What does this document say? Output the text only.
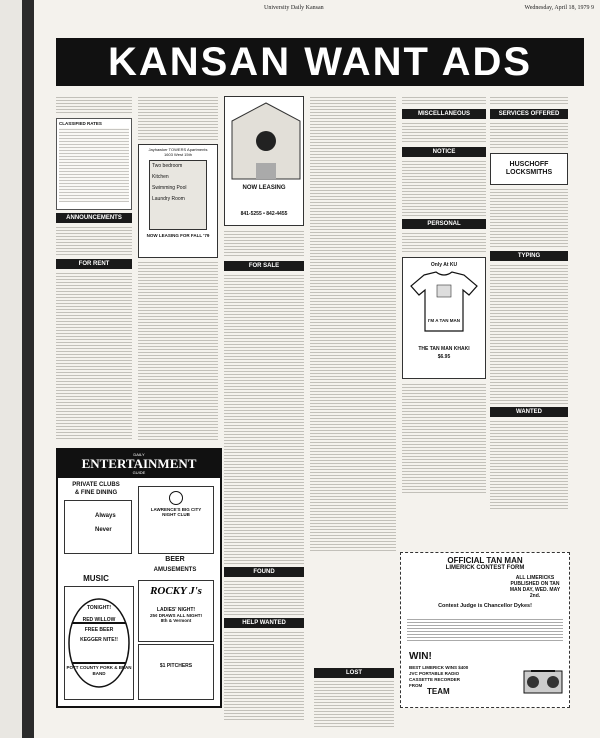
University Daily Kansan	Wednesday, April 18, 1979 9
KANSAN WANT ADS
CLASSIFIED RATES
ANNOUNCEMENTS
FOR RENT
Jayhawker TOWERS Apartments
1603 West 15th
Two bedroom
Kitchen
Swimming Pool
Laundry Room
NOW LEASING FOR FALL '79
NOW LEASING
841-5255 • 842-4455
FOR SALE
FOUND
HELP WANTED
MISCELLANEOUS
NOTICE
PERSONAL
Only At KU
I'M A TAN MAN
THE TAN MAN KHAKI
$6.95
SERVICES OFFERED
HUSCHOFF LOCKSMITHS
TYPING
WANTED
LOST
DAILY
ENTERTAINMENT
GUIDE
PRIVATE CLUBS
& FINE DINING
Always
Never
LAWRENCE'S BIG CITY NIGHT CLUB
BEER
AMUSEMENTS
MUSIC
TONIGHT!
RED WILLOW
FREE BEER
KEGGER NITE!!
POTT COUNTY PORK & BEAN BAND
ROCKY J's
LADIES' NIGHT!
25¢ DRAWS ALL NIGHT!
8th & Vermont
$1 PITCHERS
OFFICIAL TAN MAN
LIMERICK CONTEST FORM
ALL LIMERICKS PUBLISHED ON TAN MAN DAY, WED. MAY 2nd.
Contest Judge is Chancellor Dykes!
WIN!
BEST LIMERICK WINS $400 JVC PORTABLE RADIO CASSETTE RECORDER FROM
TEAM
